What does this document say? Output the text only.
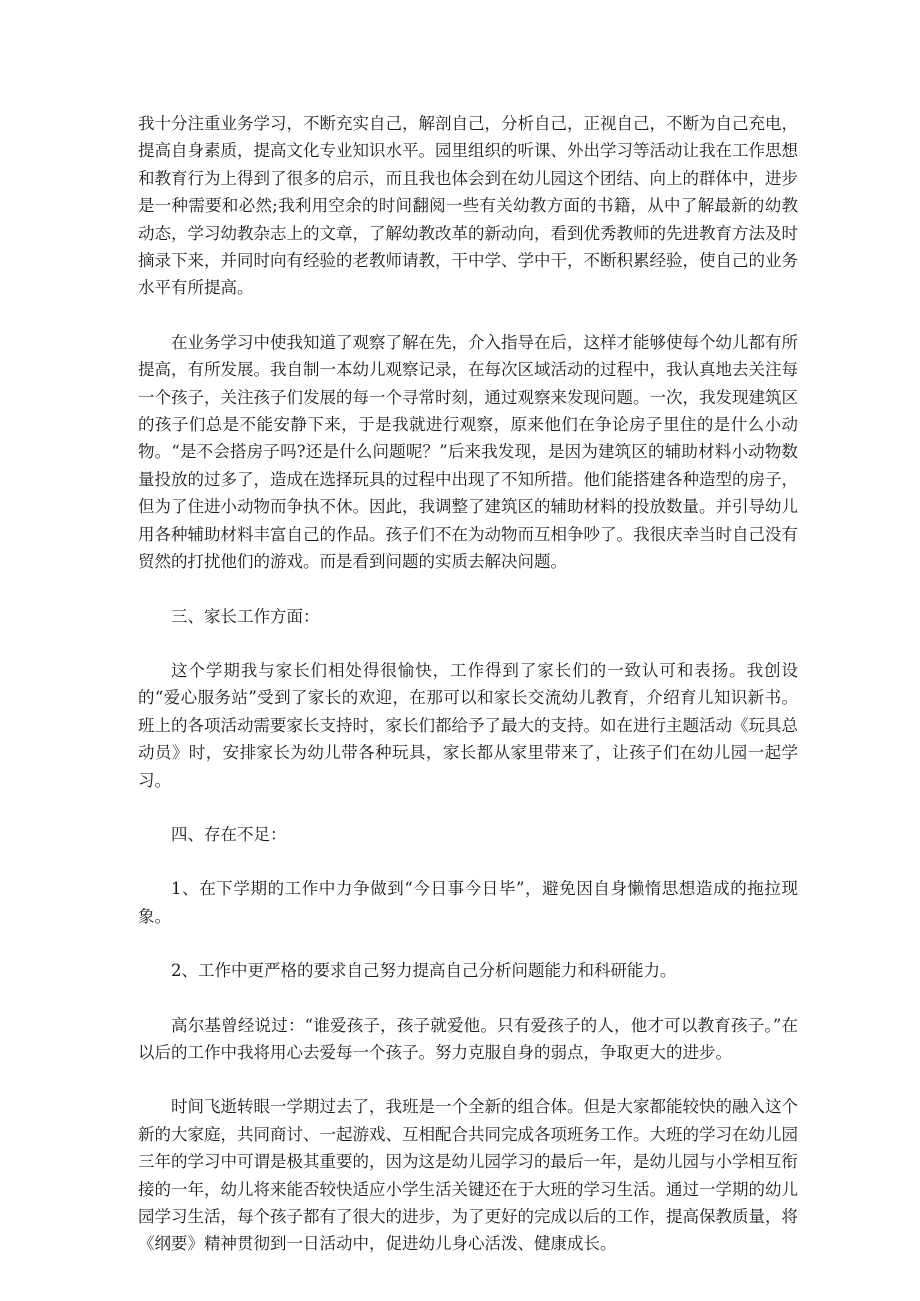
我十分注重业务学习，不断充实自己，解剖自己，分析自己，正视自己，不断为自己充电，提高自身素质，提高文化专业知识水平。园里组织的听课、外出学习等活动让我在工作思想和教育行为上得到了很多的启示，而且我也体会到在幼儿园这个团结、向上的群体中，进步是一种需要和必然;我利用空余的时间翻阅一些有关幼教方面的书籍，从中了解最新的幼教动态，学习幼教杂志上的文章，了解幼教改革的新动向，看到优秀教师的先进教育方法及时摘录下来，并同时向有经验的老教师请教，干中学、学中干，不断积累经验，使自己的业务水平有所提高。

在业务学习中使我知道了观察了解在先，介入指导在后，这样才能够使每个幼儿都有所提高，有所发展。我自制一本幼儿观察记录，在每次区域活动的过程中，我认真地去关注每一个孩子，关注孩子们发展的每一个寻常时刻，通过观察来发现问题。一次，我发现建筑区的孩子们总是不能安静下来，于是我就进行观察，原来他们在争论房子里住的是什么小动物。“是不会搭房子吗?还是什么问题呢？”后来我发现，是因为建筑区的辅助材料小动物数量投放的过多了，造成在选择玩具的过程中出现了不知所措。他们能搭建各种造型的房子，但为了住进小动物而争执不休。因此，我调整了建筑区的辅助材料的投放数量。并引导幼儿用各种辅助材料丰富自己的作品。孩子们不在为动物而互相争吵了。我很庆幸当时自己没有贸然的打扰他们的游戏。而是看到问题的实质去解决问题。

三、家长工作方面：

这个学期我与家长们相处得很愉快，工作得到了家长们的一致认可和表扬。我创设的“爱心服务站”受到了家长的欢迎，在那可以和家长交流幼儿教育，介绍育儿知识新书。班上的各项活动需要家长支持时，家长们都给予了最大的支持。如在进行主题活动《玩具总动员》时，安排家长为幼儿带各种玩具，家长都从家里带来了，让孩子们在幼儿园一起学习。

四、存在不足：

1、在下学期的工作中力争做到“今日事今日毕”，避免因自身懒惰思想造成的拖拉现象。

2、工作中更严格的要求自己努力提高自己分析问题能力和科研能力。

高尔基曾经说过：“谁爱孩子，孩子就爱他。只有爱孩子的人，他才可以教育孩子。”在以后的工作中我将用心去爱每一个孩子。努力克服自身的弱点，争取更大的进步。

时间飞逝转眼一学期过去了，我班是一个全新的组合体。但是大家都能较快的融入这个新的大家庭，共同商讨、一起游戏、互相配合共同完成各项班务工作。大班的学习在幼儿园三年的学习中可谓是极其重要的，因为这是幼儿园学习的最后一年，是幼儿园与小学相互衔接的一年，幼儿将来能否较快适应小学生活关键还在于大班的学习生活。通过一学期的幼儿园学习生活，每个孩子都有了很大的进步，为了更好的完成以后的工作，提高保教质量，将《纲要》精神贯彻到一日活动中，促进幼儿身心活泼、健康成长。
